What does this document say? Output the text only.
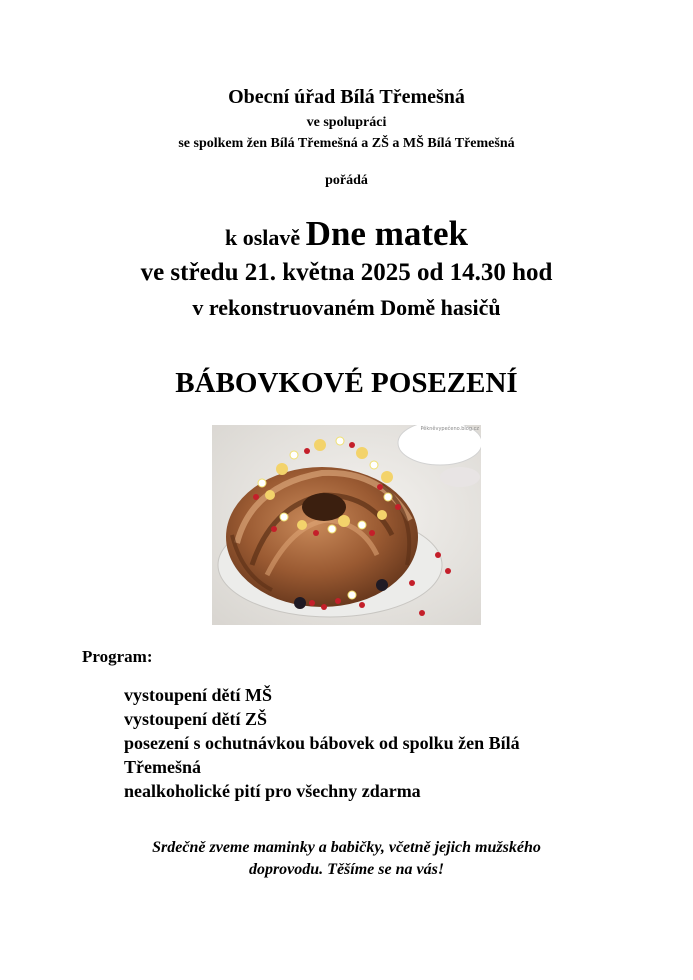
Obecní úřad Bílá Třemešná
ve spolupráci
se spolkem žen Bílá Třemešná a ZŠ a MŠ Bílá Třemešná
pořádá
k oslavě Dne matek
ve středu 21. května 2025 od 14.30 hod
v rekonstruovaném Domě hasičů
BÁBOVKOVÉ POSEZENÍ
Pěkněvypečeno.blog.cz
Program:
vystoupení dětí MŠ
vystoupení dětí ZŠ
posezení s ochutnávkou bábovek od spolku žen Bílá
Třemešná
nealkoholické pití pro všechny zdarma
Srdečně zveme maminky a babičky, včetně jejich mužského
doprovodu. Těšíme se na vás!
